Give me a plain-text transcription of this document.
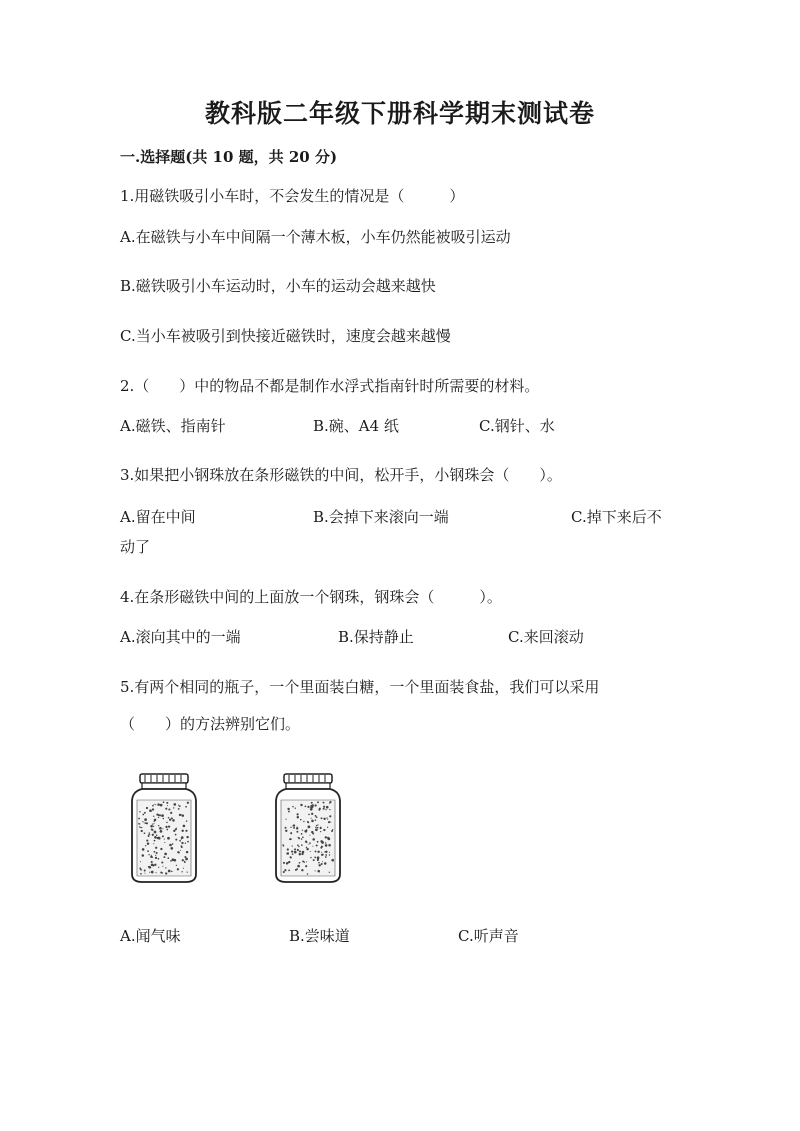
教科版二年级下册科学期末测试卷
一.选择题(共 10 题，共 20 分)
1.用磁铁吸引小车时，不会发生的情况是（　　　）
A.在磁铁与小车中间隔一个薄木板，小车仍然能被吸引运动
B.磁铁吸引小车运动时，小车的运动会越来越快
C.当小车被吸引到快接近磁铁时，速度会越来越慢
2.（　　）中的物品不都是制作水浮式指南针时所需要的材料。
A.磁铁、指南针	B.碗、A4 纸	C.钢针、水
3.如果把小钢珠放在条形磁铁的中间，松开手，小钢珠会（　　）。
A.留在中间	B.会掉下来滚向一端	C.掉下来后不
动了
4.在条形磁铁中间的上面放一个钢珠，钢珠会（　　　）。
A.滚向其中的一端	B.保持静止	C.来回滚动
5.有两个相同的瓶子，一个里面装白糖，一个里面装食盐，我们可以采用
（　　）的方法辨别它们。
A.闻气味	B.尝味道	C.听声音
